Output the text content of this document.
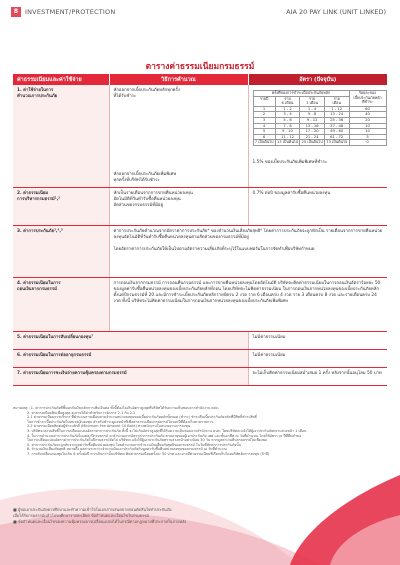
8	INVESTMENT/PROTECTION	AIA 20 PAY LINK (UNIT LINKED)
ตารางค่าธรรมเนียมกรมธรรม์
ค่าธรรมเนียมและค่าใช้จ่าย	วิธีการคำนวณ	อัตรา (ปัจจุบัน)
1. ค่าใช้จ่ายในการ
คำนวณการประกันภัย	หักออกจากเบี้ยประกันภัยหลักทุกครั้ง
ที่ได้รับชำระ
หักออกจากเบี้ยประกันภัยเพิ่มพิเศษ
ทุกครั้งที่บริษัทได้รับชำระ

ครั้งที่ของการชำระเบี้ยประกันภัยหลัก	ร้อยละของ
เบี้ยประกันภัยหลัก
ที่ชำระ
รายปี	ราย
6 เดือน	ราย
3 เดือน	ราย
เดือน
1	1 - 2	1 - 4	1 - 12	60
2	3 - 4	5 - 8	13 - 24	40
3	5 - 6	9 - 12	25 - 36	20
4	7 - 8	13 - 16	37 - 48	10
5	9 - 10	17 - 20	49 - 60	10
6	11 - 12	21 - 24	61 - 72	5
7 เป็นต้นไป	13 เป็นต้นไป	25 เป็นต้นไป	73 เป็นต้นไป	0
1.5% ของเบี้ยประกันภัยเพิ่มพิเศษที่ชำระ

2. ค่าธรรมเนียม
การบริหารกรมธรรม์¹,²	หักเป็นรายเดือนจากการขายคืนหน่วยลงทุน
อัตโนมัติที่วันทำรับซื้อคืนหน่วยลงทุน
อัตส่วนของกรมธรรม์ที่มีอยู่	0.7% ต่อปี ของมูลค่ารับซื้อคืนหน่วยลงทุน
3. ค่าการประกันภัย³,⁴,⁵	ค่าการประกันภัยคำนวณจากอัตราค่าการประกันภัย* ของจำนวนเงินเสี่ยงภัยสุทธิ⁶ โดยค่าการประกันภัยจะถูกหักเป็น รายเดือนจากการขายคืนหน่วยลงทุนอัตโนมัติที่วันทำรับซื้อคืนหน่วยลงทุนตามสัดส่วนของกรมธรรม์ที่มีอยู่
โดยอัตราค่าการประกันภัยให้เป็นไปตามอัตราความเสี่ยงภัยที่ระบุไว้ในแบบฟอร์มในการจัดทำเพื่อบริษัทกำหนด

4. ค่าธรรมเนียมในการ
ถอนเงินจากกรมธรรม์	การถอนเงินจากกรมธรรม์ การถอนคืนกรมธรรม์ และการขายคืนหน่วยลงทุนโดยอัตโนมัติ บริษัทจะคิดค่าธรรมเนียมในการถอนเงินอัตราร้อยละ 50 ของมูลค่ารับซื้อคืนหน่วยลงทุนของเบี้ยประกันภัยหลักที่ถอน โดยบริษัทจะไม่คิดค่าธรรมเนียม ในการถอนเงินจากหน่วยลงทุนของเบี้ยประกันภัยหลักตั้งแต่ปีกรมธรรม์ที่ 20 และมีการชำระเบี้ยประกันภัยหลักรายปีครบ 2 งวด ราย 6 เดือนครบ 4 งวด ราย 3 เดือนครบ 8 งวด และรายเดือนครบ 24 งวด ทั้งนี้ บริษัทจะไม่คิดค่าธรรมเนียมในการถอนเงินจากหน่วยลงทุนของเบี้ยประกันภัยเพิ่มพิเศษ
5. ค่าธรรมเนียมในการสับเปลี่ยนกองทุน⁷	ไม่มีค่าธรรมเนียม
6. ค่าธรรมเนียมในการต่ออายุกรมธรรม์	ไม่มีค่าธรรมเนียม
7. ค่าธรรมเนียมการชะเงินจ่ายความคุ้มครองตามกรมธรรม์	จะไม่เก็บคิดค่าธรรมเนียมสม่ำเสมอ 1 ครั้ง หลังจากนั้นอนุโลม 50 บาท

หมายเหตุ : 1. ค่าการประกันภัยที่ชิ้นยกกับเงินหลักการเพิ่มเงินต่อ ทั้งนี้ต้องไม่เกินอัตราสูงสุดที่บริษัทได้รับความเห็นชอบจากสำนักงาน คปภ.

2. ค่าธรรมเนียมสินเชื่อสูงสุด คงรายได้ค่าสำหรับการจัดการ 2.1 กับ 2.2

2.1 ค่าธรรมเนียมการบริหาร ที่คำนวณรายเดือนตามจำนวนหน่วยลงทุนของเบี้ยประกันภัยหลักทั้งหมด (ชำระ) ชำระคืนเบี้ยประกันภัยหลักที่มีสิทธิ์ชำระสิทธิ์

ในการชำระเบี้ยประกันภัยในหน่วยเงินลงทุน สำหรับชำระดูแลหน้าที่เพื่อค่าธรรมเนียมกรมธรรม์ในรอบปีที่ต้องเก็บตามรายการ

2.2 ค่าธรรมเนียมติดต่อผู้ชำระศักดิ์ (Minimum Fee Amount 10 Baht) ทางพนักงานในหน่วยงานการลงทุน

3. บริษัทจะสงวนสิทธิ์ในการเปลี่ยนแปลงอัตราค่าการประกันภัย ทั้งนี้ จะไม่เกินอัตราสูงสุดที่ได้รับความเห็นชอบจากสำนักงาน คปภ. โดยบริษัทจะแจ้งให้ผู้เอาประกันภัยทราบล่วงหน้า 1 เดือน

4. ในการคำนวณค่าการประกันภัยในแต่ละปีกรมธรรม์ จะคำนวณจากอัตราค่าการประกันภัย ตามอายุของผู้เอาประกันภัย เพศ และชั้นอาชีพ ณ วันที่คำนวณ โดยใช้อัตรา ณ ปีที่ยื่นคำขอ

ในการเปลี่ยนแปลงอัตราค่าการประกันภัยในปีกรมธรรม์ถัดไป บริษัทจะแจ้งให้ผู้เอาประกันภัยทราบล่วงหน้าอย่างน้อย 30 วัน หากมูลค่าเวนคืนกรมธรรม์ไม่เพียงพอ

5. ค่าการประกันภัยจะถูกหักจากมูลค่ารับซื้อคืนหน่วยลงทุน โดยคำนวณจากจำนวนเงินเสี่ยงภัยสุทธิของกรมธรรม์ ในวันที่หักค่าการประกันภัยนั้น

6. จำนวนเงินเสี่ยงภัยสุทธิ หมายถึง ผลต่างระหว่างจำนวนเงินเอาประกันภัยกับมูลค่ารับซื้อคืนหน่วยลงทุนของกรมธรรม์ ณ วันที่คำนวณ

7. การสับเปลี่ยนกองทุนไม่เกิน 6 ครั้งต่อปี หากเกินกว่านั้นบริษัทจะคิดค่าธรรมเนียมครั้งละ 50 บาท และอาจมีค่าธรรมเนียมที่เรียกเก็บโดยบริษัทจัดการลงทุน (ถ้ามี)

■ ผู้ขอเอาประกันภัยควรศึกษาและทำความเข้าใจในเอกสารเสนอขายก่อนตัดสินใจทำประกันภัย

เมื่อได้รับกรมธรรม์แล้วโปรดศึกษารายละเอียด ข้อกำหนดและเงื่อนไขในกรมธรรม์

■ ข้อกำหนดและเงื่อนไขของความคุ้มครองอาจเปลี่ยนแปลงได้ในกรณีตามกฎหมายที่ประกาศในภายหลัง
